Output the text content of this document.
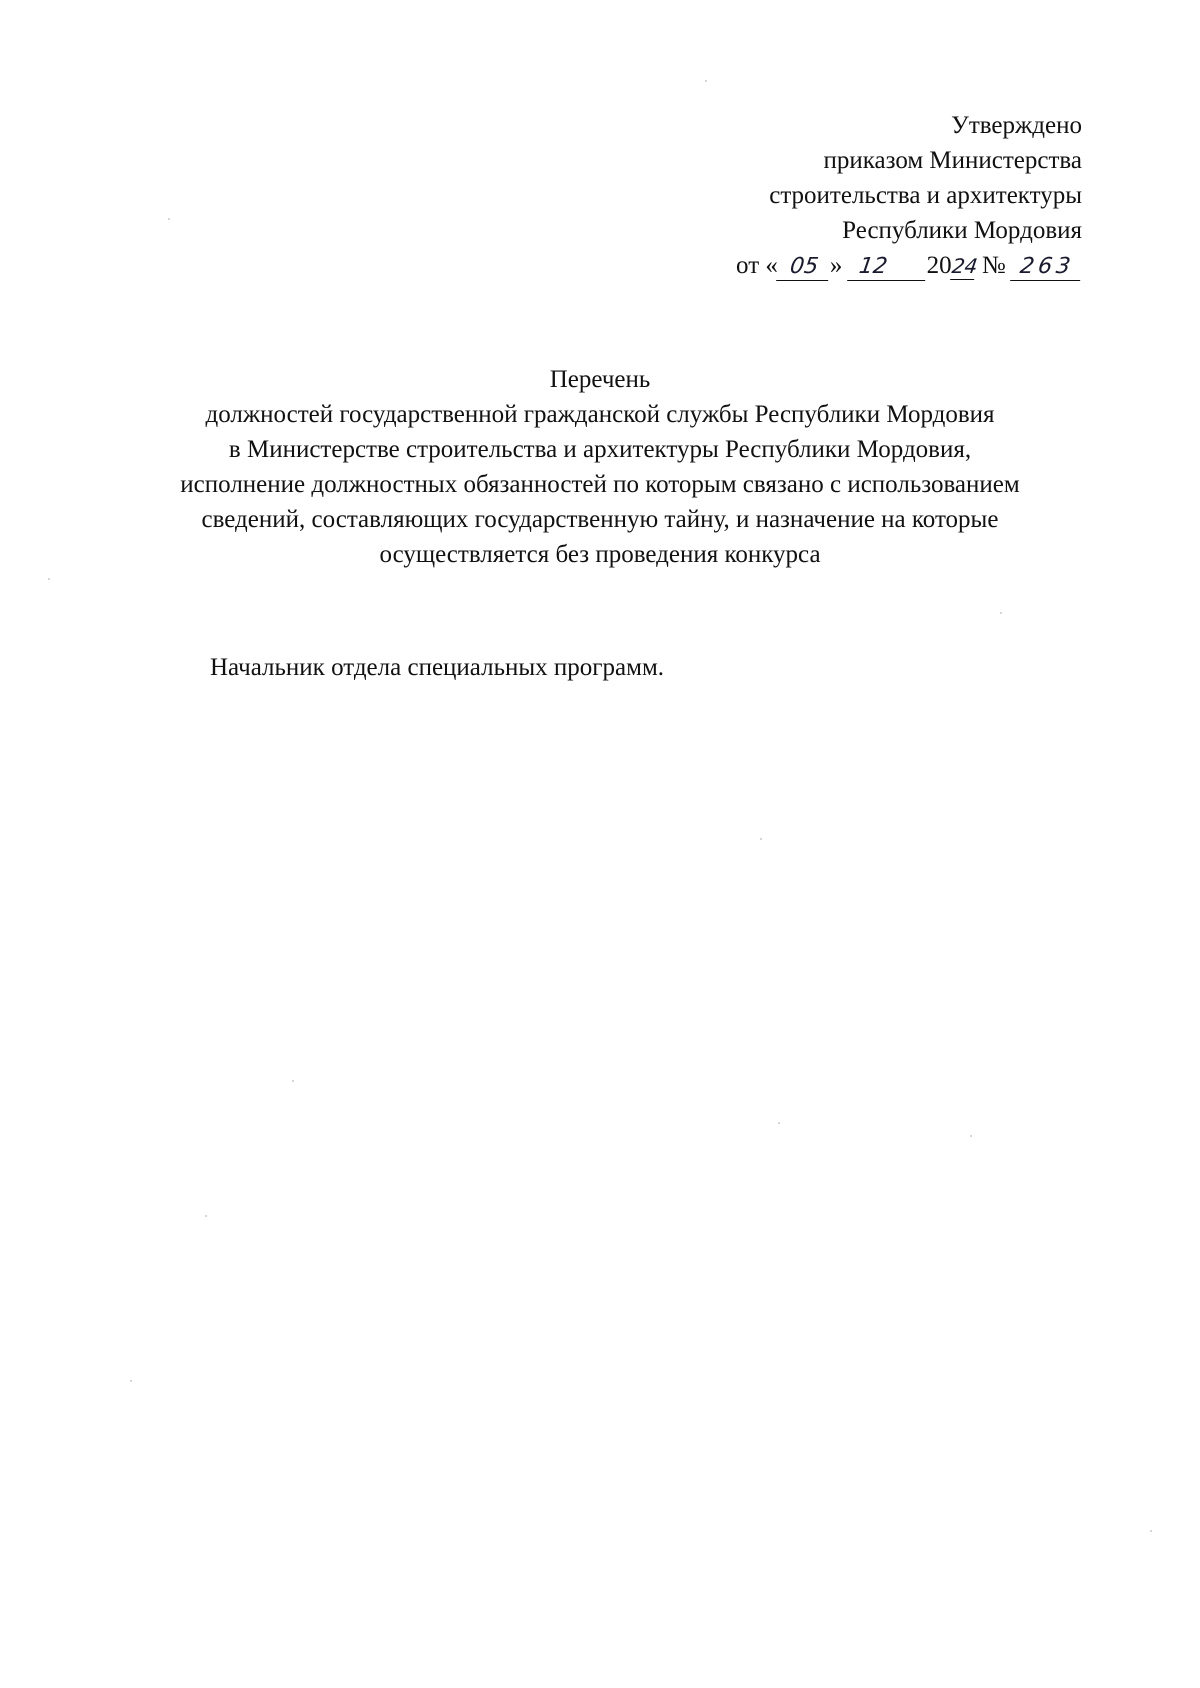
Утверждено
приказом Министерства
строительства и архитектуры
Республики Мордовия
от « 05 » 12 2024 № 263
Перечень
должностей государственной гражданской службы Республики Мордовия
в Министерстве строительства и архитектуры Республики Мордовия,
исполнение должностных обязанностей по которым связано с использованием
сведений, составляющих государственную тайну, и назначение на которые
осуществляется без проведения конкурса
Начальник отдела специальных программ.
